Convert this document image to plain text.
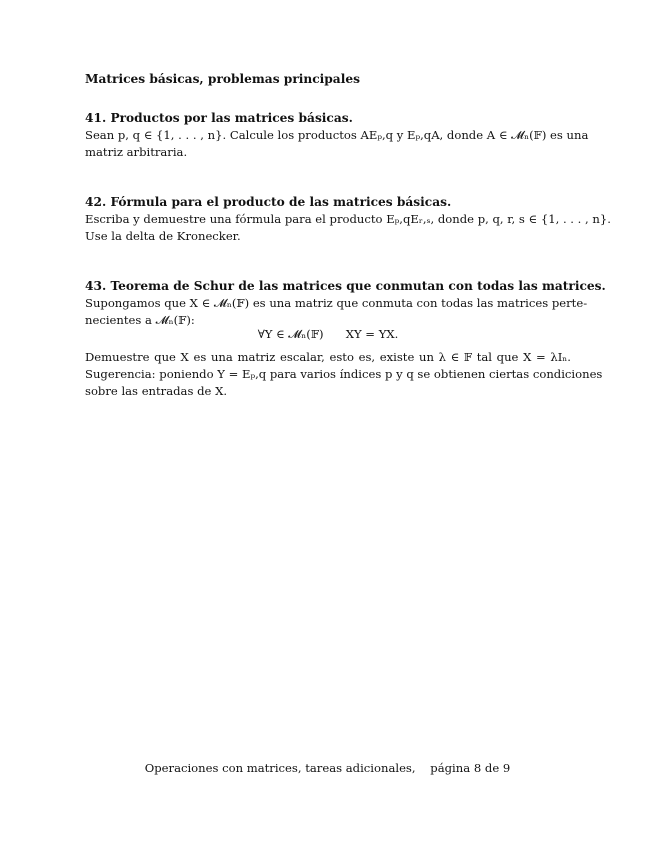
Matrices básicas, problemas principales
41. Productos por las matrices básicas.
Sean p, q ∈ {1, . . . , n}. Calcule los productos AEₚ,q y Eₚ,qA, donde A ∈ 𝓜ₙ(𝔽) es una
matriz arbitraria.
42. Fórmula para el producto de las matrices básicas.
Escriba y demuestre una fórmula para el producto Eₚ,qEᵣ,ₛ, donde p, q, r, s ∈ {1, . . . , n}.
Use la delta de Kronecker.
43. Teorema de Schur de las matrices que conmutan con todas las matrices.
Supongamos que X ∈ 𝓜ₙ(𝔽) es una matriz que conmuta con todas las matrices perte-
necientes a 𝓜ₙ(𝔽):
∀Y ∈ 𝓜ₙ(𝔽)      XY = YX.
Demuestre que X es una matriz escalar, esto es, existe un λ ∈ 𝔽 tal que X = λIₙ.
Sugerencia: poniendo Y = Eₚ,q para varios índices p y q se obtienen ciertas condiciones
sobre las entradas de X.
Operaciones con matrices, tareas adicionales,    página 8 de 9
